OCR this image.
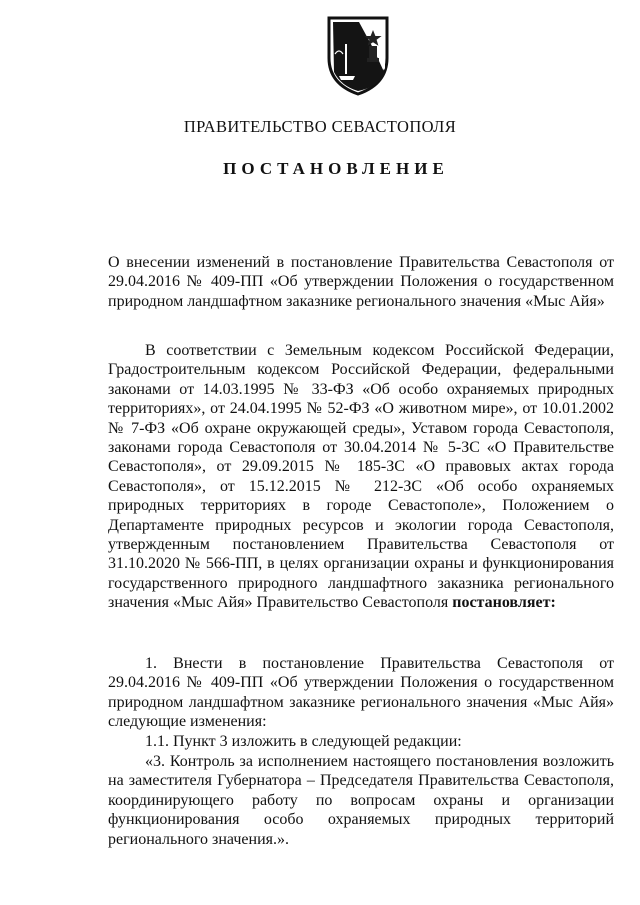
ПРАВИТЕЛЬСТВО СЕВАСТОПОЛЯ
ПОСТАНОВЛЕНИЕ
О внесении изменений в постановление Правительства Севастополя от 29.04.2016 № 409-ПП «Об утверждении Положения о государственном природном ландшафтном заказнике регионального значения «Мыс Айя»
В соответствии с Земельным кодексом Российской Федерации, Градостроительным кодексом Российской Федерации, федеральными законами от 14.03.1995 № 33-ФЗ «Об особо охраняемых природных территориях», от 24.04.1995 № 52-ФЗ «О животном мире», от 10.01.2002 № 7-ФЗ «Об охране окружающей среды», Уставом города Севастополя, законами города Севастополя от 30.04.2014 № 5-ЗС «О Правительстве Севастополя», от 29.09.2015 № 185-ЗС «О правовых актах города Севастополя», от 15.12.2015 № 212-ЗС «Об особо охраняемых природных территориях в городе Севастополе», Положением о Департаменте природных ресурсов и экологии города Севастополя, утвержденным постановлением Правительства Севастополя от 31.10.2020 № 566-ПП, в целях организации охраны и функционирования государственного природного ландшафтного заказника регионального значения «Мыс Айя» Правительство Севастополя постановляет:
1. Внести в постановление Правительства Севастополя от 29.04.2016 № 409-ПП «Об утверждении Положения о государственном природном ландшафтном заказнике регионального значения «Мыс Айя» следующие изменения:
1.1. Пункт 3 изложить в следующей редакции:
«3. Контроль за исполнением настоящего постановления возложить на заместителя Губернатора – Председателя Правительства Севастополя, координирующего работу по вопросам охраны и организации функционирования особо охраняемых природных территорий регионального значения.».
